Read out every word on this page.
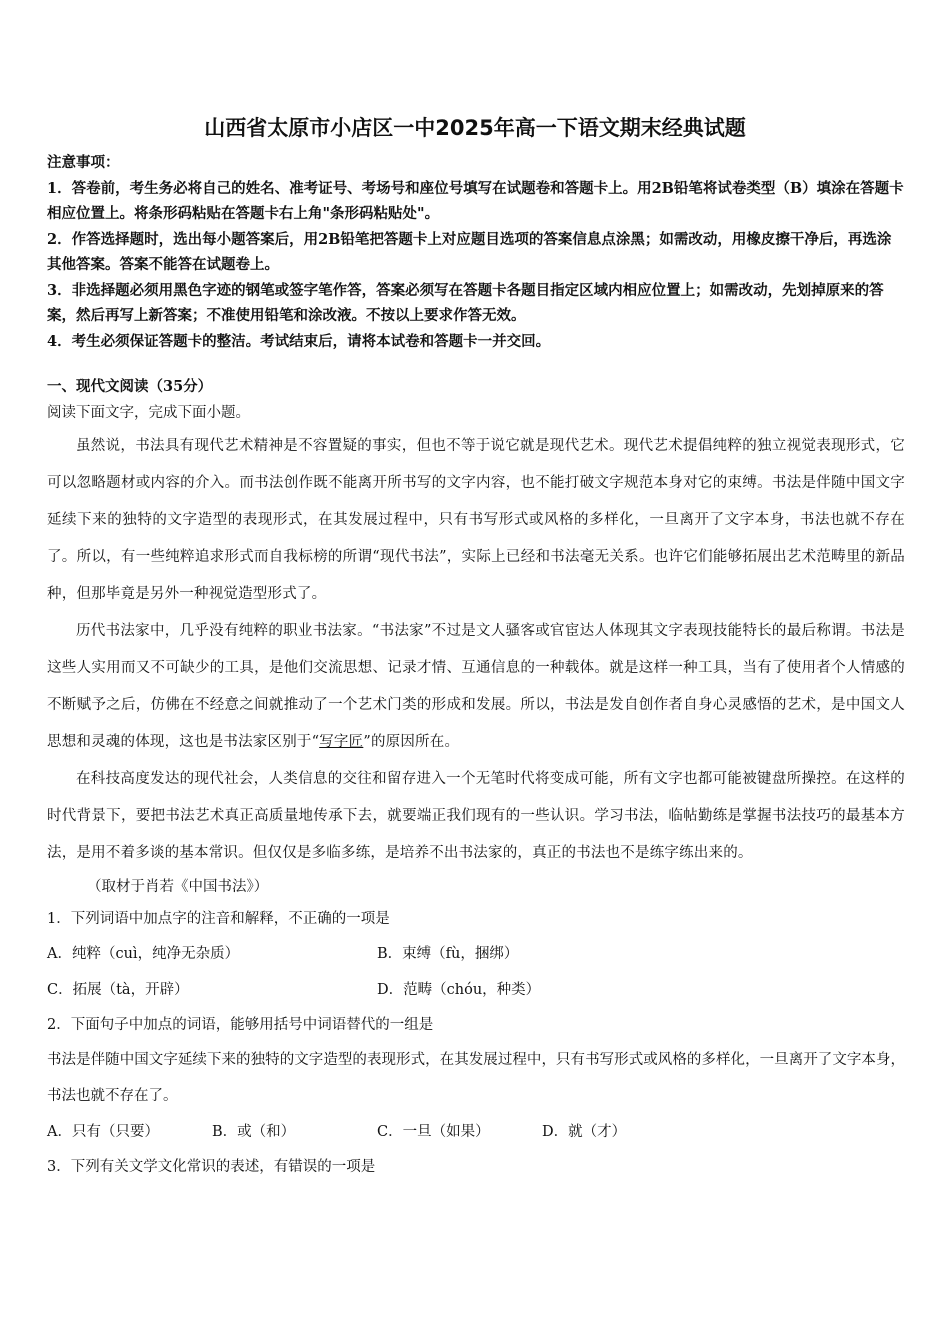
山西省太原市小店区一中2025年高一下语文期末经典试题

注意事项：

1．答卷前，考生务必将自己的姓名、准考证号、考场号和座位号填写在试题卷和答题卡上。用2B铅笔将试卷类型（B）填涂在答题卡相应位置上。将条形码粘贴在答题卡右上角"条形码粘贴处"。

2．作答选择题时，选出每小题答案后，用2B铅笔把答题卡上对应题目选项的答案信息点涂黑；如需改动，用橡皮擦干净后，再选涂其他答案。答案不能答在试题卷上。

3．非选择题必须用黑色字迹的钢笔或签字笔作答，答案必须写在答题卡各题目指定区域内相应位置上；如需改动，先划掉原来的答案，然后再写上新答案；不准使用铅笔和涂改液。不按以上要求作答无效。

4．考生必须保证答题卡的整洁。考试结束后，请将本试卷和答题卡一并交回。

一、现代文阅读（35分）
阅读下面文字，完成下面小题。

虽然说，书法具有现代艺术精神是不容置疑的事实，但也不等于说它就是现代艺术。现代艺术提倡纯粹的独立视觉表现形式，它可以忽略题材或内容的介入。而书法创作既不能离开所书写的文字内容，也不能打破文字规范本身对它的束缚。书法是伴随中国文字延续下来的独特的文字造型的表现形式，在其发展过程中，只有书写形式或风格的多样化，一旦离开了文字本身，书法也就不存在了。所以，有一些纯粹追求形式而自我标榜的所谓“现代书法”，实际上已经和书法毫无关系。也许它们能够拓展出艺术范畴里的新品种，但那毕竟是另外一种视觉造型形式了。

历代书法家中，几乎没有纯粹的职业书法家。“书法家”不过是文人骚客或官宦达人体现其文字表现技能特长的最后称谓。书法是这些人实用而又不可缺少的工具，是他们交流思想、记录才情、互通信息的一种载体。就是这样一种工具，当有了使用者个人情感的不断赋予之后，仿佛在不经意之间就推动了一个艺术门类的形成和发展。所以，书法是发自创作者自身心灵感悟的艺术，是中国文人思想和灵魂的体现，这也是书法家区别于“写字匠”的原因所在。

在科技高度发达的现代社会，人类信息的交往和留存进入一个无笔时代将变成可能，所有文字也都可能被键盘所操控。在这样的时代背景下，要把书法艺术真正高质量地传承下去，就要端正我们现有的一些认识。学习书法，临帖勤练是掌握书法技巧的最基本方法，是用不着多谈的基本常识。但仅仅是多临多练，是培养不出书法家的，真正的书法也不是练字练出来的。

（取材于肖若《中国书法》）

1．下列词语中加点字的注音和解释，不正确的一项是

A．纯粹（cuì，纯净无杂质）	B．束缚（fù，捆绑）
C．拓展（tà，开辟）	D．范畴（chóu，种类）

2．下面句子中加点的词语，能够用括号中词语替代的一组是

书法是伴随中国文字延续下来的独特的文字造型的表现形式，在其发展过程中，只有书写形式或风格的多样化，一旦离开了文字本身，书法也就不存在了。

A．只有（只要）	B．或（和）	C．一旦（如果）	D．就（才）

3．下列有关文学文化常识的表述，有错误的一项是
